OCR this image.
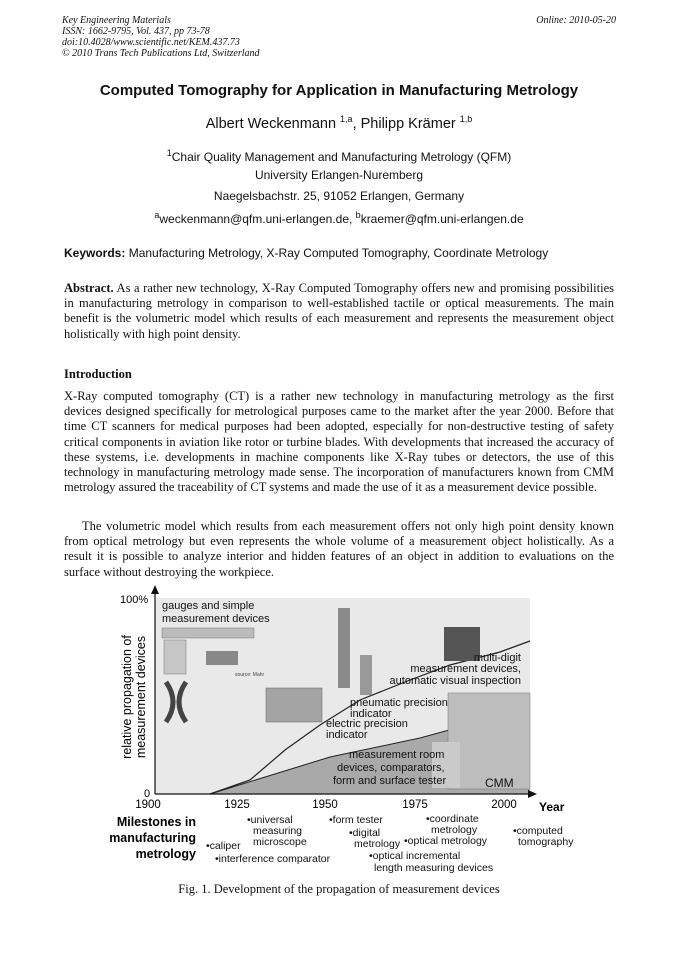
Key Engineering Materials
ISSN: 1662-9795, Vol. 437, pp 73-78
doi:10.4028/www.scientific.net/KEM.437.73
© 2010 Trans Tech Publications Ltd, Switzerland
Online: 2010-05-20
Computed Tomography for Application in Manufacturing Metrology
Albert Weckenmann $^{1,a}$, Philipp Krämer $^{1,b}$
$^1$Chair Quality Management and Manufacturing Metrology (QFM)
University Erlangen-Nuremberg
Naegelsbachstr. 25, 91052 Erlangen, Germany
$^a$weckenmann@qfm.uni-erlangen.de, $^b$kraemer@qfm.uni-erlangen.de
Keywords: Manufacturing Metrology, X-Ray Computed Tomography, Coordinate Metrology
Abstract. As a rather new technology, X-Ray Computed Tomography offers new and promising possibilities in manufacturing metrology in comparison to well-established tactile or optical measurements. The main benefit is the volumetric model which results of each measurement and represents the measurement object holistically with high point density.
Introduction
X-Ray computed tomography (CT) is a rather new technology in manufacturing metrology as the first devices designed specifically for metrological purposes came to the market after the year 2000. Before that time CT scanners for medical purposes had been adopted, especially for non-destructive testing of safety critical components in aviation like rotor or turbine blades. With developments that increased the accuracy of these systems, i.e. developments in machine components like X-Ray tubes or detectors, the use of this technology in manufacturing metrology made sense. The incorporation of manufacturers known from CMM metrology assured the traceability of CT systems and made the use of it as a measurement device possible.
The volumetric model which results from each measurement offers not only high point density known from optical metrology but even represents the whole volume of a measurement object holistically. As a result it is possible to analyze interior and hidden features of an object in addition to evaluations on the surface without destroying the workpiece.
source: Mahr
gauges and simple
measurement devices
multi-digit
measurement devices,
automatic visual inspection
pneumatic precision
indicator
electric precision
indicator
measurement room
devices, comparators,
form and surface tester	CMM
100%
0
relative propagation of measurement devices
1900	1925	1950	1975	2000 Year
Milestones in
manufacturing
metrology
•caliper
•universal
measuring
microscope
•interference comparator
•form tester
•digital
metrology
•coordinate
metrology
•optical metrology
•optical incremental
length measuring devices
•computed
tomography
Fig. 1. Development of the propagation of measurement devices
